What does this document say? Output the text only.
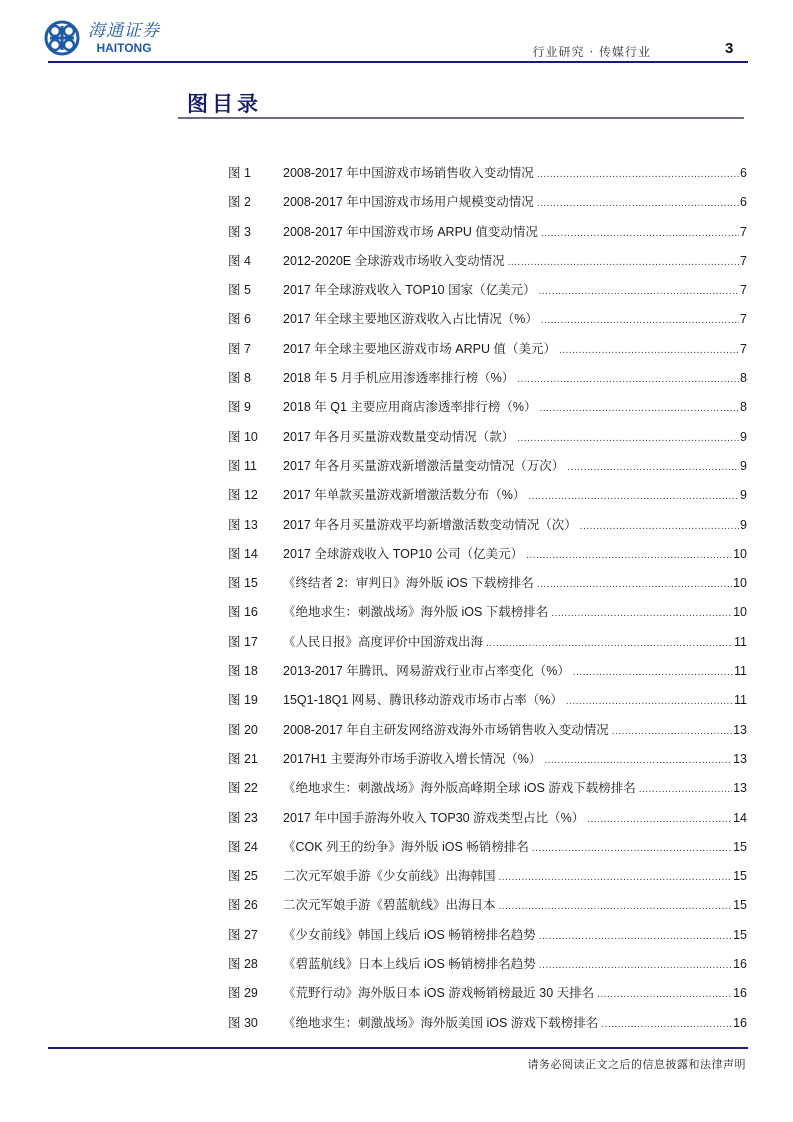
海通证券
HAITONG	行业研究 · 传媒行业	3
图目录
图 1	2008-2017 年中国游戏市场销售收入变动情况 .....	6
图 2	2008-2017 年中国游戏市场用户规模变动情况 .....	6
图 3	2008-2017 年中国游戏市场 ARPU 值变动情况 .....	7
图 4	2012-2020E 全球游戏市场收入变动情况 .....	7
图 5	2017 年全球游戏收入 TOP10 国家（亿美元） .....	7
图 6	2017 年全球主要地区游戏收入占比情况（%） .....	7
图 7	2017 年全球主要地区游戏市场 ARPU 值（美元） .....	7
图 8	2018 年 5 月手机应用渗透率排行榜（%） .....	8
图 9	2018 年 Q1 主要应用商店渗透率排行榜（%） .....	8
图 10	2017 年各月买量游戏数量变动情况（款） .....	9
图 11	2017 年各月买量游戏新增激活量变动情况（万次） .....	9
图 12	2017 年单款买量游戏新增激活数分布（%） .....	9
图 13	2017 年各月买量游戏平均新增激活数变动情况（次） .....	9
图 14	2017 全球游戏收入 TOP10 公司（亿美元） .....	10
图 15	《终结者 2：审判日》海外版 iOS 下载榜排名 .....	10
图 16	《绝地求生：刺激战场》海外版 iOS 下载榜排名 .....	10
图 17	《人民日报》高度评价中国游戏出海 .....	11
图 18	2013-2017 年腾讯、网易游戏行业市占率变化（%） .....	11
图 19	15Q1-18Q1 网易、腾讯移动游戏市场市占率（%） .....	11
图 20	2008-2017 年自主研发网络游戏海外市场销售收入变动情况 .....	13
图 21	2017H1 主要海外市场手游收入增长情况（%） .....	13
图 22	《绝地求生：刺激战场》海外版高峰期全球 iOS 游戏下载榜排名 .....	13
图 23	2017 年中国手游海外收入 TOP30 游戏类型占比（%） .....	14
图 24	《COK 列王的纷争》海外版 iOS 畅销榜排名 .....	15
图 25	二次元军娘手游《少女前线》出海韩国 .....	15
图 26	二次元军娘手游《碧蓝航线》出海日本 .....	15
图 27	《少女前线》韩国上线后 iOS 畅销榜排名趋势 .....	15
图 28	《碧蓝航线》日本上线后 iOS 畅销榜排名趋势 .....	16
图 29	《荒野行动》海外版日本 iOS 游戏畅销榜最近 30 天排名 .....	16
图 30	《绝地求生：刺激战场》海外版美国 iOS 游戏下载榜排名 .....	16
请务必阅读正文之后的信息披露和法律声明
